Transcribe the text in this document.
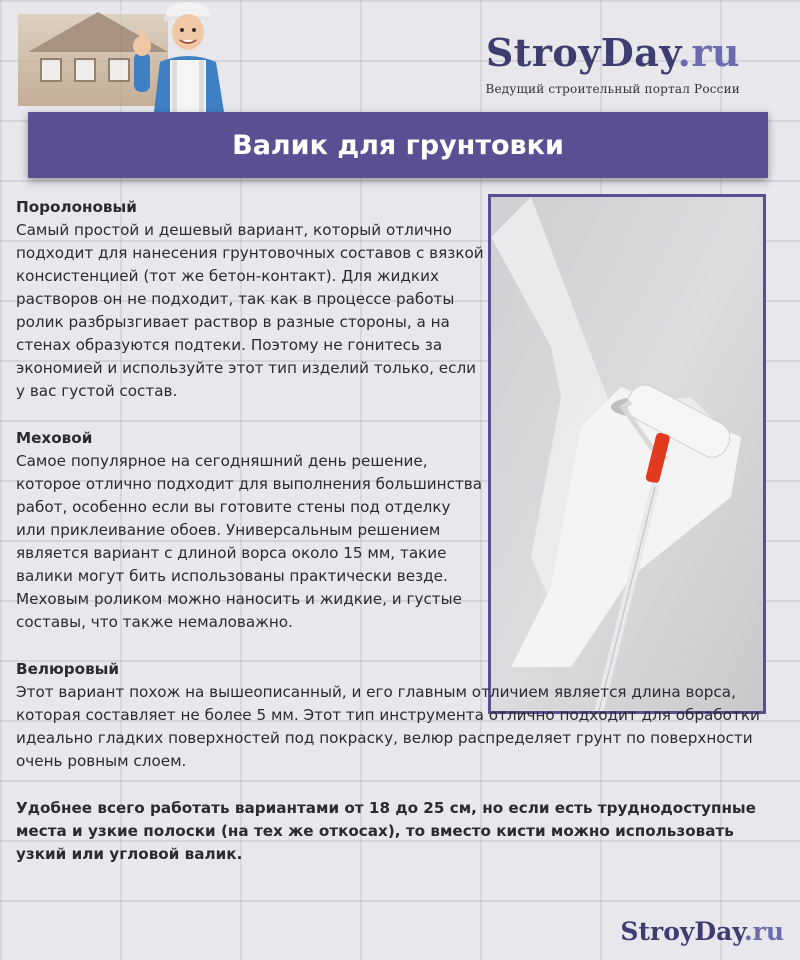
StroyDay.ru
Ведущий строительный портал России
Валик для грунтовки
Поролоновый

Самый простой и дешевый вариант, который отлично подходит для нанесения грунтовочных составов с вязкой консистенцией (тот же бетон-контакт). Для жидких растворов он не подходит, так как в процессе работы ролик разбрызгивает раствор в разные стороны, а на стенах образуются подтеки. Поэтому не гонитесь за экономией и используйте этот тип изделий только, если у вас густой состав.

Меховой

Самое популярное на сегодняшний день решение, которое отлично подходит для выполнения большинства работ, особенно если вы готовите стены под отделку или приклеивание обоев. Универсальным решением является вариант с длиной ворса около 15 мм, такие валики могут бить использованы практически везде. Меховым роликом можно наносить и жидкие, и густые составы, что также немаловажно.

Велюровый

Этот вариант похож на вышеописанный, и его главным отличием является длина ворса, которая составляет не более 5 мм. Этот тип инструмента отлично подходит для обработки идеально гладких поверхностей под покраску, велюр распределяет грунт по поверхности очень ровным слоем.

Удобнее всего работать вариантами от 18 до 25 см, но если есть труднодоступные места и узкие полоски (на тех же откосах), то вместо кисти можно использовать узкий или угловой валик.
StroyDay.ru
